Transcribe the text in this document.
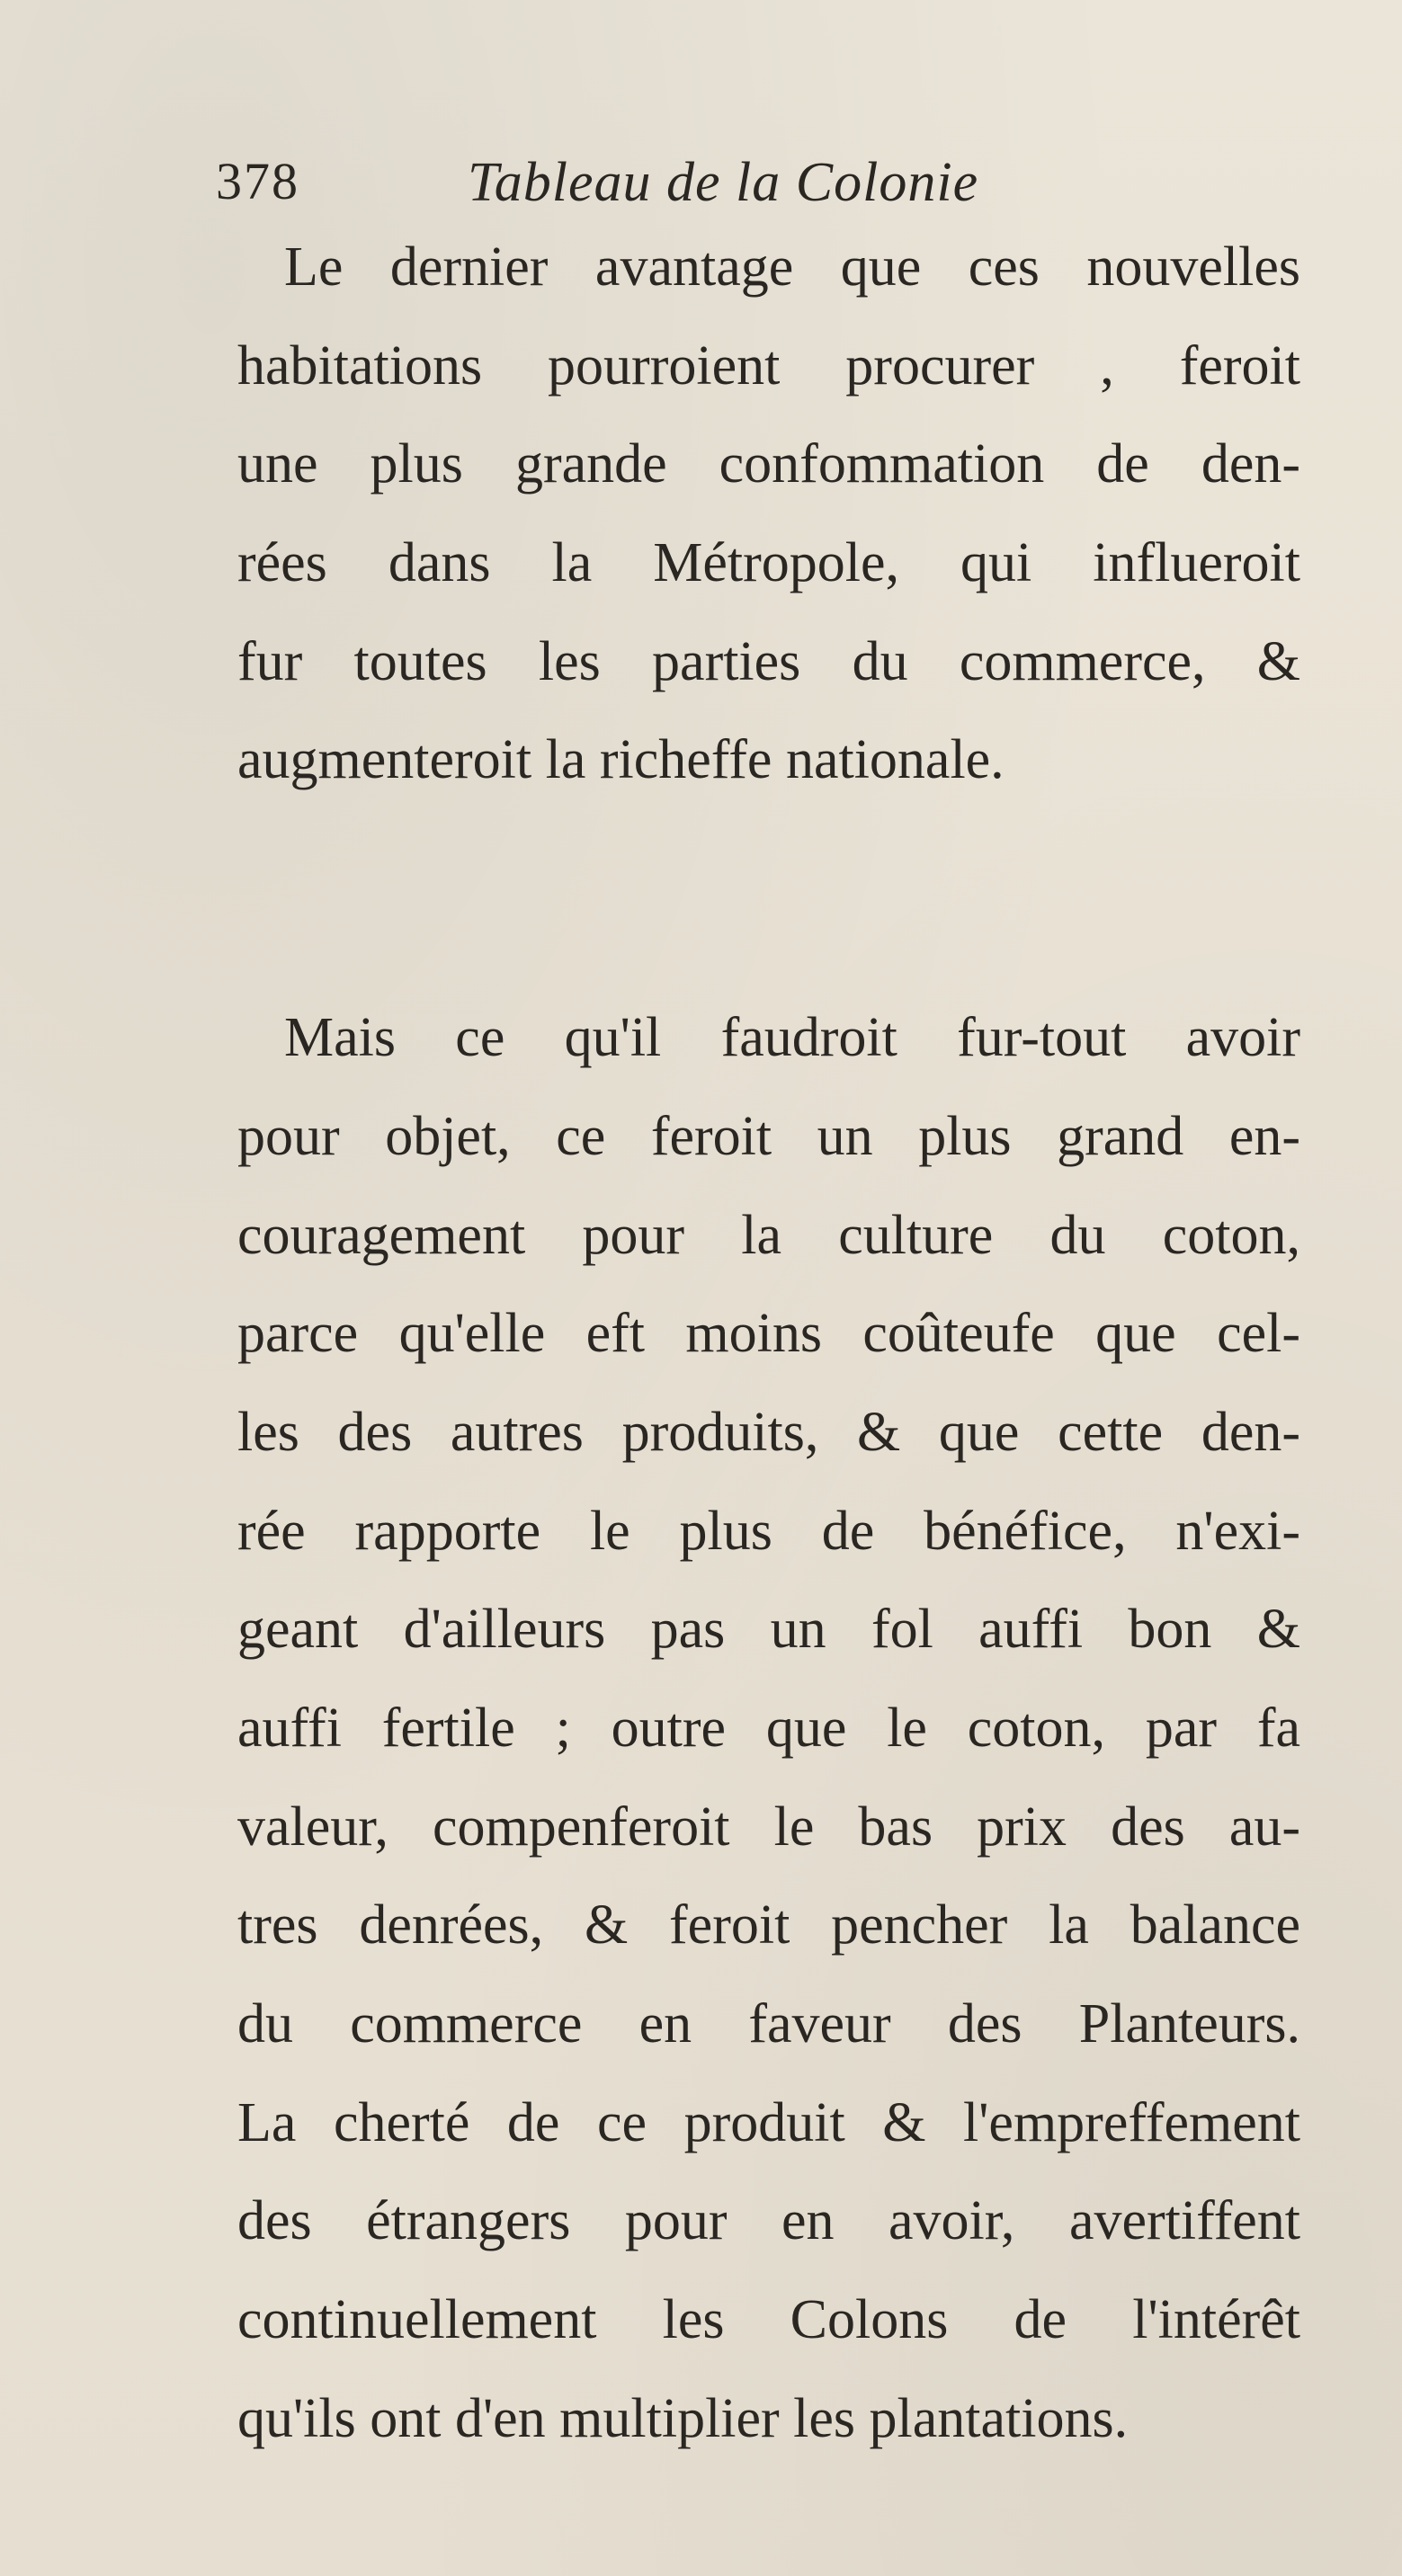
378	Tableau de la Colonie
Le dernier avantage que ces nouvelles
habitations pourroient procurer , feroit
une plus grande confommation de den-
rées dans la Métropole, qui influeroit
fur toutes les parties du commerce, &
augmenteroit la richeffe nationale.
Mais ce qu'il faudroit fur-tout avoir
pour objet, ce feroit un plus grand en-
couragement pour la culture du coton,
parce qu'elle eft moins coûteufe que cel-
les des autres produits, & que cette den-
rée rapporte le plus de bénéfice, n'exi-
geant d'ailleurs pas un fol auffi bon &
auffi fertile ; outre que le coton, par fa
valeur, compenferoit le bas prix des au-
tres denrées, & feroit pencher la balance
du commerce en faveur des Planteurs.
La cherté de ce produit & l'empreffement
des étrangers pour en avoir, avertiffent
continuellement les Colons de l'intérêt
qu'ils ont d'en multiplier les plantations.
